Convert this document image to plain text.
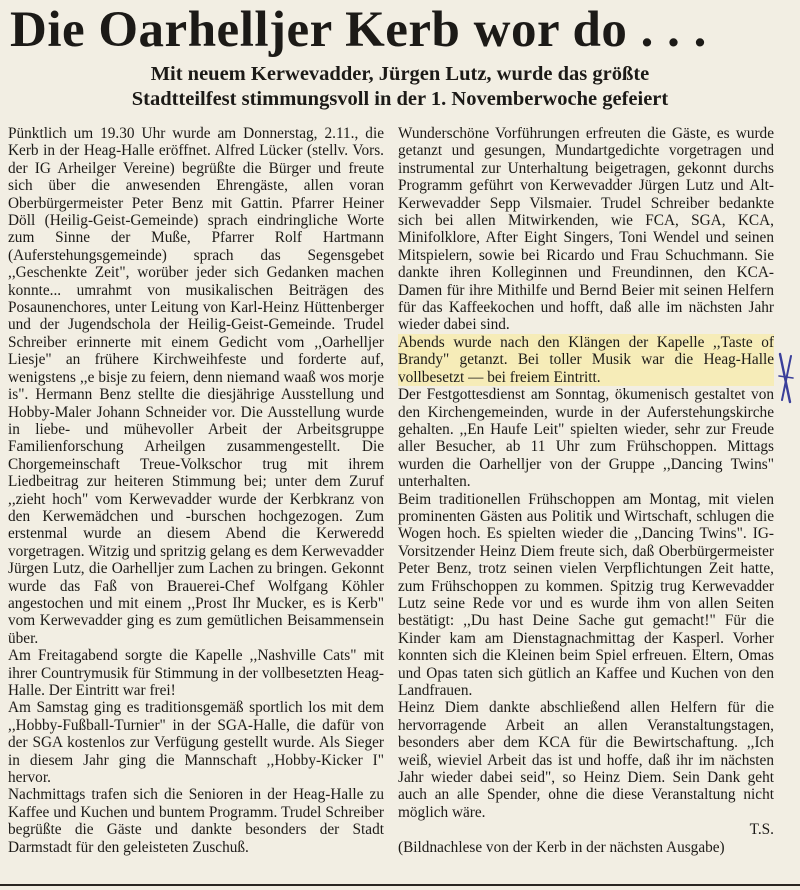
Die Oarhelljer Kerb wor do . . .
Mit neuem Kerwevadder, Jürgen Lutz, wurde das größte
Stadtteilfest stimmungsvoll in der 1. Novemberwoche gefeiert

Pünktlich um 19.30 Uhr wurde am Donnerstag, 2.11., die Kerb in der Heag-Halle eröffnet. Alfred Lücker (stellv. Vors. der IG Arheilger Vereine) begrüßte die Bürger und freute sich über die anwesenden Ehrengäste, allen voran Oberbürgermeister Peter Benz mit Gattin. Pfarrer Heiner Döll (Heilig-Geist-Gemeinde) sprach eindringliche Worte zum Sinne der Muße, Pfarrer Rolf Hartmann (Auferstehungsgemeinde) sprach das Segensgebet ,,Geschenkte Zeit", worüber jeder sich Gedanken machen konnte... umrahmt von musikalischen Beiträgen des Posaunenchores, unter Leitung von Karl-Heinz Hüttenberger und der Jugendschola der Heilig-Geist-Gemeinde. Trudel Schreiber erinnerte mit einem Gedicht vom ,,Oarhelljer Liesje" an frühere Kirchweihfeste und forderte auf, wenigstens ,,e bisje zu feiern, denn niemand waaß wos morje is". Hermann Benz stellte die diesjährige Ausstellung und Hobby-Maler Johann Schneider vor. Die Ausstellung wurde in liebe- und mühevoller Arbeit der Arbeitsgruppe Familienforschung Arheilgen zusammengestellt. Die Chorgemeinschaft Treue-Volkschor trug mit ihrem Liedbeitrag zur heiteren Stimmung bei; unter dem Zuruf ,,zieht hoch" vom Kerwevadder wurde der Kerbkranz von den Kerwemädchen und -burschen hochgezogen. Zum erstenmal wurde an diesem Abend die Kerweredd vorgetragen. Witzig und spritzig gelang es dem Kerwevadder Jürgen Lutz, die Oarhelljer zum Lachen zu bringen. Gekonnt wurde das Faß von Brauerei-Chef Wolfgang Köhler angestochen und mit einem ,,Prost Ihr Mucker, es is Kerb" vom Kerwevadder ging es zum gemütlichen Beisammensein über.

Am Freitagabend sorgte die Kapelle ,,Nashville Cats" mit ihrer Countrymusik für Stimmung in der vollbesetzten Heag-Halle. Der Eintritt war frei!

Am Samstag ging es traditionsgemäß sportlich los mit dem ,,Hobby-Fußball-Turnier" in der SGA-Halle, die dafür von der SGA kostenlos zur Verfügung gestellt wurde. Als Sieger in diesem Jahr ging die Mannschaft ,,Hobby-Kicker I" hervor.

Nachmittags trafen sich die Senioren in der Heag-Halle zu Kaffee und Kuchen und buntem Programm. Trudel Schreiber begrüßte die Gäste und dankte besonders der Stadt Darmstadt für den geleisteten Zuschuß.

Wunderschöne Vorführungen erfreuten die Gäste, es wurde getanzt und gesungen, Mundartgedichte vorgetragen und instrumental zur Unterhaltung beigetragen, gekonnt durchs Programm geführt von Kerwevadder Jürgen Lutz und Alt-Kerwevadder Sepp Vilsmaier. Trudel Schreiber bedankte sich bei allen Mitwirkenden, wie FCA, SGA, KCA, Minifolklore, After Eight Singers, Toni Wendel und seinen Mitspielern, sowie bei Ricardo und Frau Schuchmann. Sie dankte ihren Kolleginnen und Freundinnen, den KCA-Damen für ihre Mithilfe und Bernd Beier mit seinen Helfern für das Kaffeekochen und hofft, daß alle im nächsten Jahr wieder dabei sind.

Abends wurde nach den Klängen der Kapelle ,,Taste of Brandy" getanzt. Bei toller Musik war die Heag-Halle vollbesetzt — bei freiem Eintritt.

Der Festgottesdienst am Sonntag, ökumenisch gestaltet von den Kirchengemeinden, wurde in der Auferstehungskirche gehalten. ,,En Haufe Leit" spielten wieder, sehr zur Freude aller Besucher, ab 11 Uhr zum Frühschoppen. Mittags wurden die Oarhelljer von der Gruppe ,,Dancing Twins" unterhalten.

Beim traditionellen Frühschoppen am Montag, mit vielen prominenten Gästen aus Politik und Wirtschaft, schlugen die Wogen hoch. Es spielten wieder die ,,Dancing Twins". IG-Vorsitzender Heinz Diem freute sich, daß Oberbürgermeister Peter Benz, trotz seinen vielen Verpflichtungen Zeit hatte, zum Frühschoppen zu kommen. Spitzig trug Kerwevadder Lutz seine Rede vor und es wurde ihm von allen Seiten bestätigt: ,,Du hast Deine Sache gut gemacht!" Für die Kinder kam am Dienstagnachmittag der Kasperl. Vorher konnten sich die Kleinen beim Spiel erfreuen. Eltern, Omas und Opas taten sich gütlich an Kaffee und Kuchen von den Landfrauen.

Heinz Diem dankte abschließend allen Helfern für die hervorragende Arbeit an allen Veranstaltungstagen, besonders aber dem KCA für die Bewirtschaftung. ,,Ich weiß, wieviel Arbeit das ist und hoffe, daß ihr im nächsten Jahr wieder dabei seid", so Heinz Diem. Sein Dank geht auch an alle Spender, ohne die diese Veranstaltung nicht möglich wäre.

T.S.

(Bildnachlese von der Kerb in der nächsten Ausgabe)
